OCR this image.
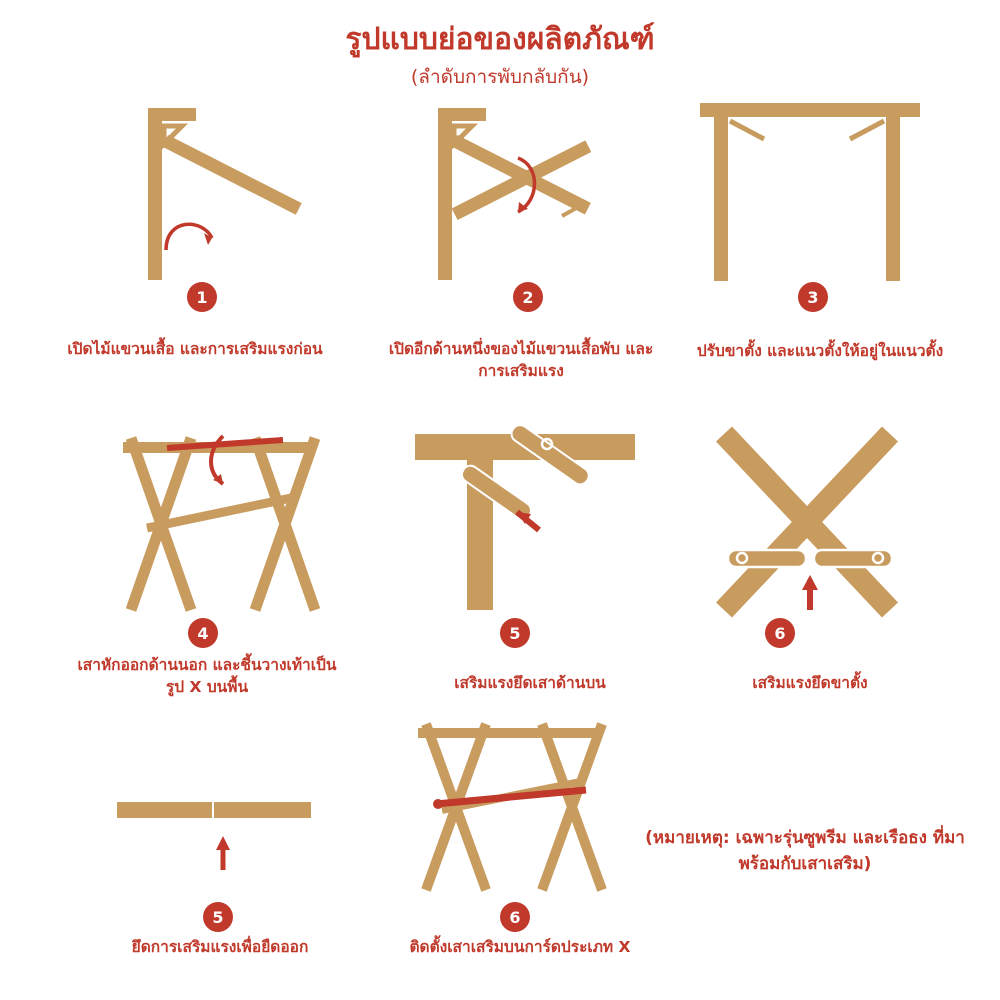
รูปแบบย่อของผลิตภัณฑ์
(ลำดับการพับกลับกัน)
1
เปิดไม้แขวนเสื้อ และการเสริมแรงก่อน
2
เปิดอีกด้านหนึ่งของไม้แขวนเสื้อพับ และการเสริมแรง
3
ปรับขาตั้ง และแนวตั้งให้อยู่ในแนวตั้ง
4
เสาหักออกด้านนอก และชี้นวางเท้าเป็นรูป X บนพื้น
5
เสริมแรงยึดเสาด้านบน
6
เสริมแรงยึดขาตั้ง
5
ยึดการเสริมแรงเพื่อยืดออก
6
ติดตั้งเสาเสริมบนการ์ดประเภท X
(หมายเหตุ: เฉพาะรุ่นซูพรีม และเรือธง ที่มาพร้อมกับเสาเสริม)
